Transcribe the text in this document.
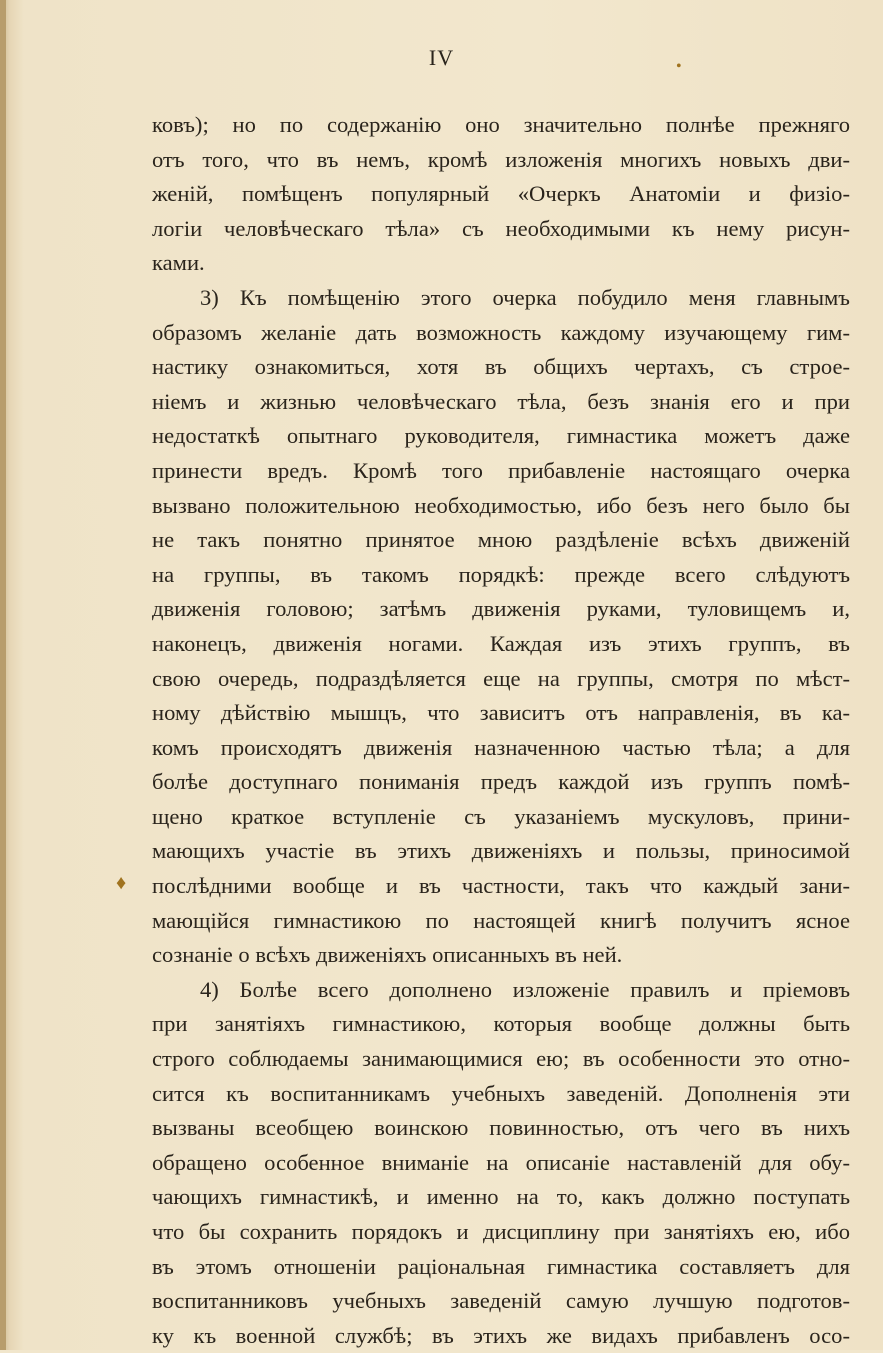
IV	•
♦
ковъ); но по содержанію оно значительно полнѣе прежняго
отъ того, что въ немъ, кромѣ изложенія многихъ новыхъ дви-
женій, помѣщенъ популярный «Очеркъ Анатоміи и физіо-
логіи человѣческаго тѣла» съ необходимыми къ нему рисун-
ками.
3) Къ помѣщенію этого очерка побудило меня главнымъ
образомъ желаніе дать возможность каждому изучающему гим-
настику ознакомиться, хотя въ общихъ чертахъ, съ строе-
ніемъ и жизнью человѣческаго тѣла, безъ знанія его и при
недостаткѣ опытнаго руководителя, гимнастика можетъ даже
принести вредъ. Кромѣ того прибавленіе настоящаго очерка
вызвано положительною необходимостью, ибо безъ него было бы
не такъ понятно принятое мною раздѣленіе всѣхъ движеній
на группы, въ такомъ порядкѣ: прежде всего слѣдуютъ
движенія головою; затѣмъ движенія руками, туловищемъ и,
наконецъ, движенія ногами. Каждая изъ этихъ группъ, въ
свою очередь, подраздѣляется еще на группы, смотря по мѣст-
ному дѣйствію мышцъ, что зависитъ отъ направленія, въ ка-
комъ происходятъ движенія назначенною частью тѣла; а для
болѣе доступнаго пониманія предъ каждой изъ группъ помѣ-
щено краткое вступленіе съ указаніемъ мускуловъ, прини-
мающихъ участіе въ этихъ движеніяхъ и пользы, приносимой
послѣдними вообще и въ частности, такъ что каждый зани-
мающійся гимнастикою по настоящей книгѣ получитъ ясное
сознаніе о всѣхъ движеніяхъ описанныхъ въ ней.
4) Болѣе всего дополнено изложеніе правилъ и пріемовъ
при занятіяхъ гимнастикою, которыя вообще должны быть
строго соблюдаемы занимающимися ею; въ особенности это отно-
сится къ воспитанникамъ учебныхъ заведеній. Дополненія эти
вызваны всеобщею воинскою повинностью, отъ чего въ нихъ
обращено особенное вниманіе на описаніе наставленій для обу-
чающихъ гимнастикѣ, и именно на то, какъ должно поступать
что бы сохранить порядокъ и дисциплину при занятіяхъ ею, ибо
въ этомъ отношеніи раціональная гимнастика составляетъ для
воспитанниковъ учебныхъ заведеній самую лучшую подготов-
ку къ военной службѣ; въ этихъ же видахъ прибавленъ осо-
